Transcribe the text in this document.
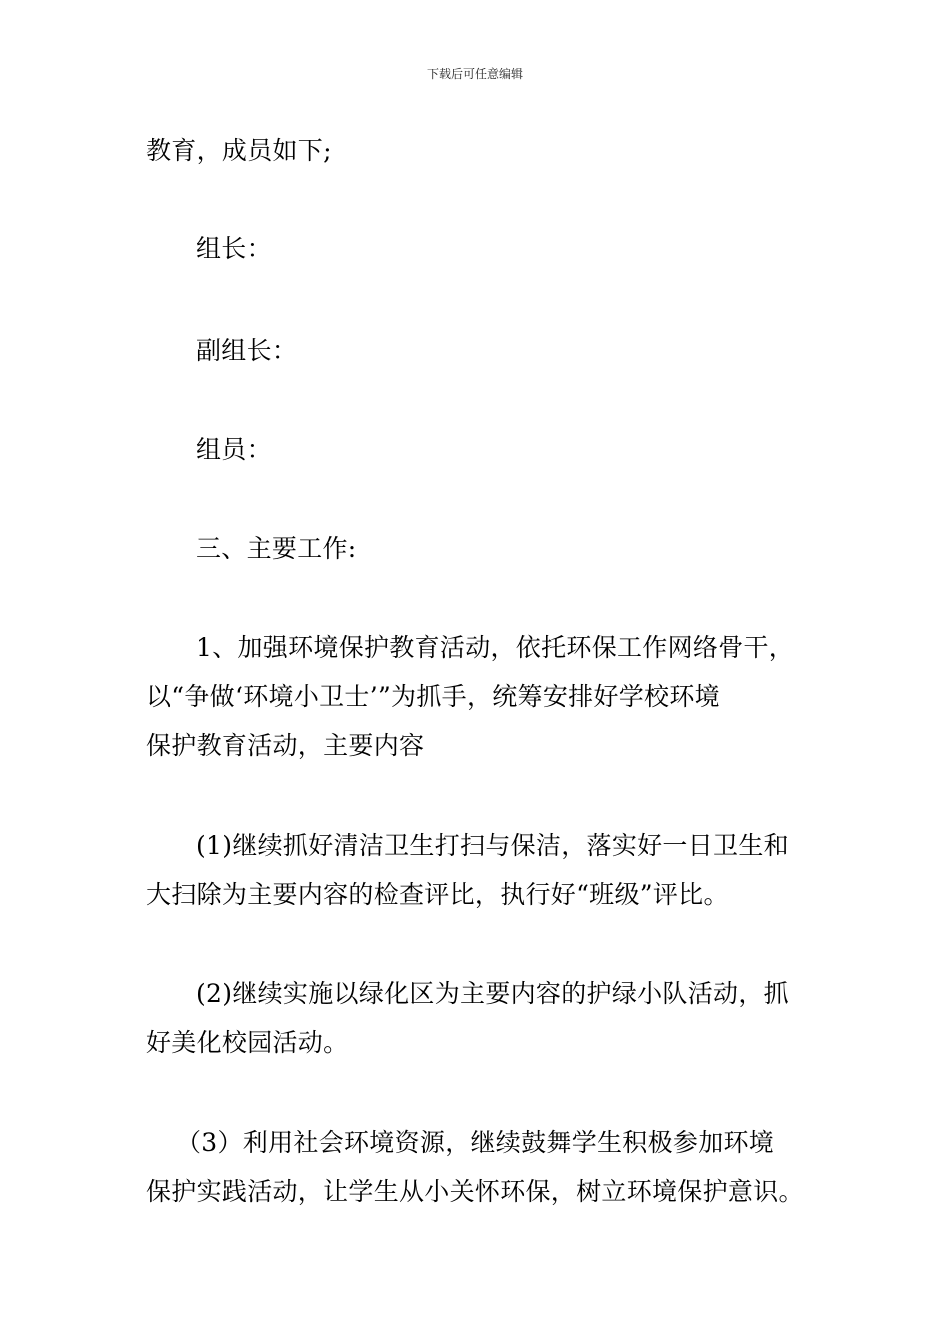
下载后可任意编辑
教育，成员如下;
组长：
副组长：
组员：
三、主要工作:
1、加强环境保护教育活动，依托环保工作网络骨干，
以“争做‘环境小卫士’”为抓手，统筹安排好学校环境
保护教育活动，主要内容
(1)继续抓好清洁卫生打扫与保洁，落实好一日卫生和
大扫除为主要内容的检查评比，执行好“班级”评比。
(2)继续实施以绿化区为主要内容的护绿小队活动，抓
好美化校园活动。
（3）利用社会环境资源，继续鼓舞学生积极参加环境
保护实践活动，让学生从小关怀环保，树立环境保护意识。
